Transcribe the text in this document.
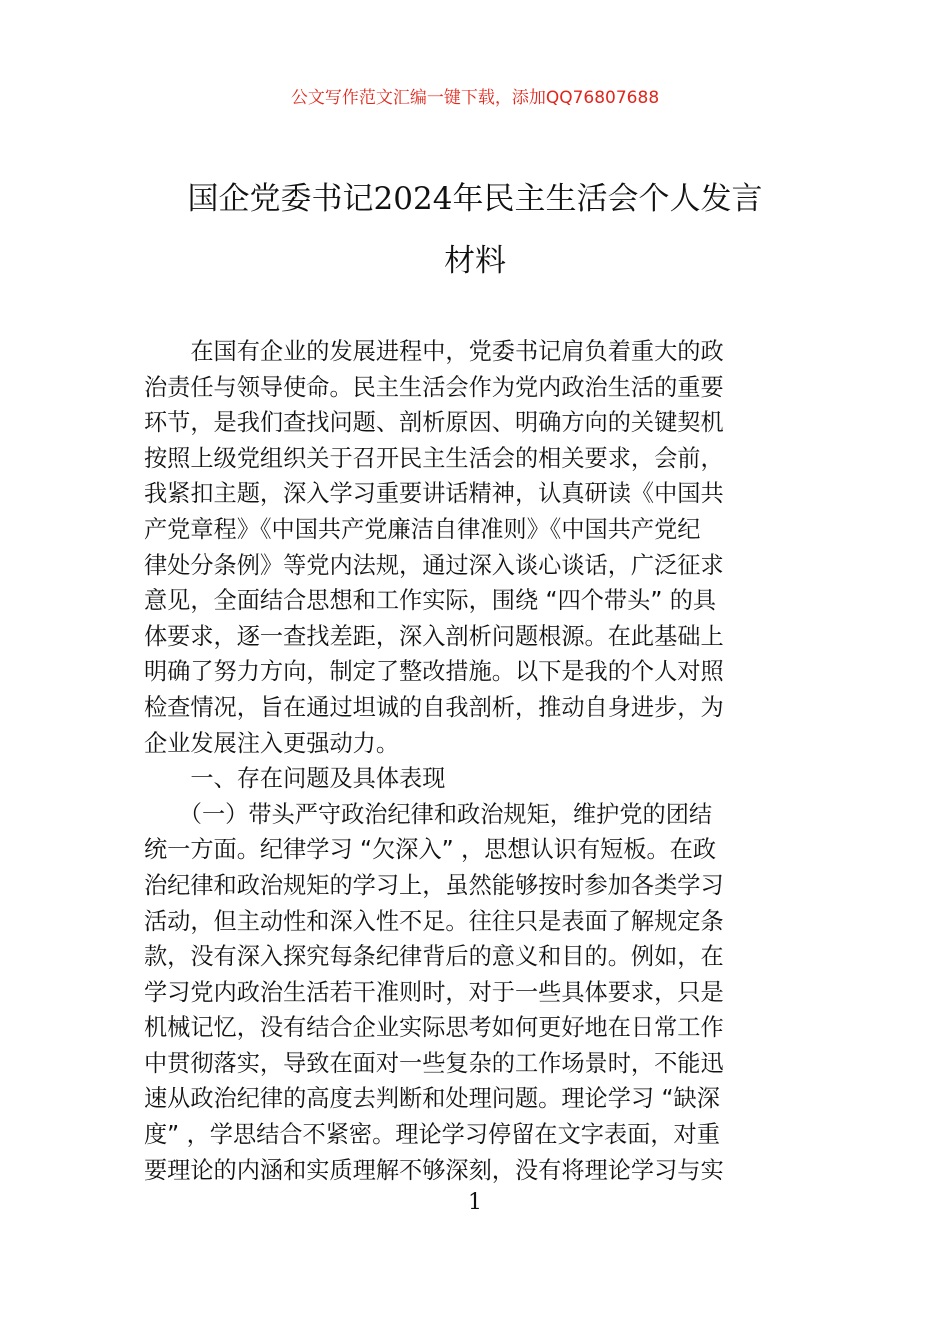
公文写作范文汇编一键下载，添加QQ76807688
国企党委书记2024年民主生活会个人发言
材料
　　在国有企业的发展进程中，党委书记肩负着重大的政
治责任与领导使命。民主生活会作为党内政治生活的重要
环节，是我们查找问题、剖析原因、明确方向的关键契机
按照上级党组织关于召开民主生活会的相关要求，会前，
我紧扣主题，深入学习重要讲话精神，认真研读《中国共
产党章程》《中国共产党廉洁自律准则》《中国共产党纪
律处分条例》等党内法规，通过深入谈心谈话，广泛征求
意见，全面结合思想和工作实际，围绕 “四个带头” 的具
体要求，逐一查找差距，深入剖析问题根源。在此基础上
明确了努力方向，制定了整改措施。以下是我的个人对照
检查情况，旨在通过坦诚的自我剖析，推动自身进步，为
企业发展注入更强动力。
　　一、存在问题及具体表现
　　（一）带头严守政治纪律和政治规矩，维护党的团结
统一方面。纪律学习 “欠深入” ，思想认识有短板。在政
治纪律和政治规矩的学习上，虽然能够按时参加各类学习
活动，但主动性和深入性不足。往往只是表面了解规定条
款，没有深入探究每条纪律背后的意义和目的。例如，在
学习党内政治生活若干准则时，对于一些具体要求，只是
机械记忆，没有结合企业实际思考如何更好地在日常工作
中贯彻落实，导致在面对一些复杂的工作场景时，不能迅
速从政治纪律的高度去判断和处理问题。理论学习 “缺深
度” ，学思结合不紧密。理论学习停留在文字表面，对重
要理论的内涵和实质理解不够深刻，没有将理论学习与实
1
